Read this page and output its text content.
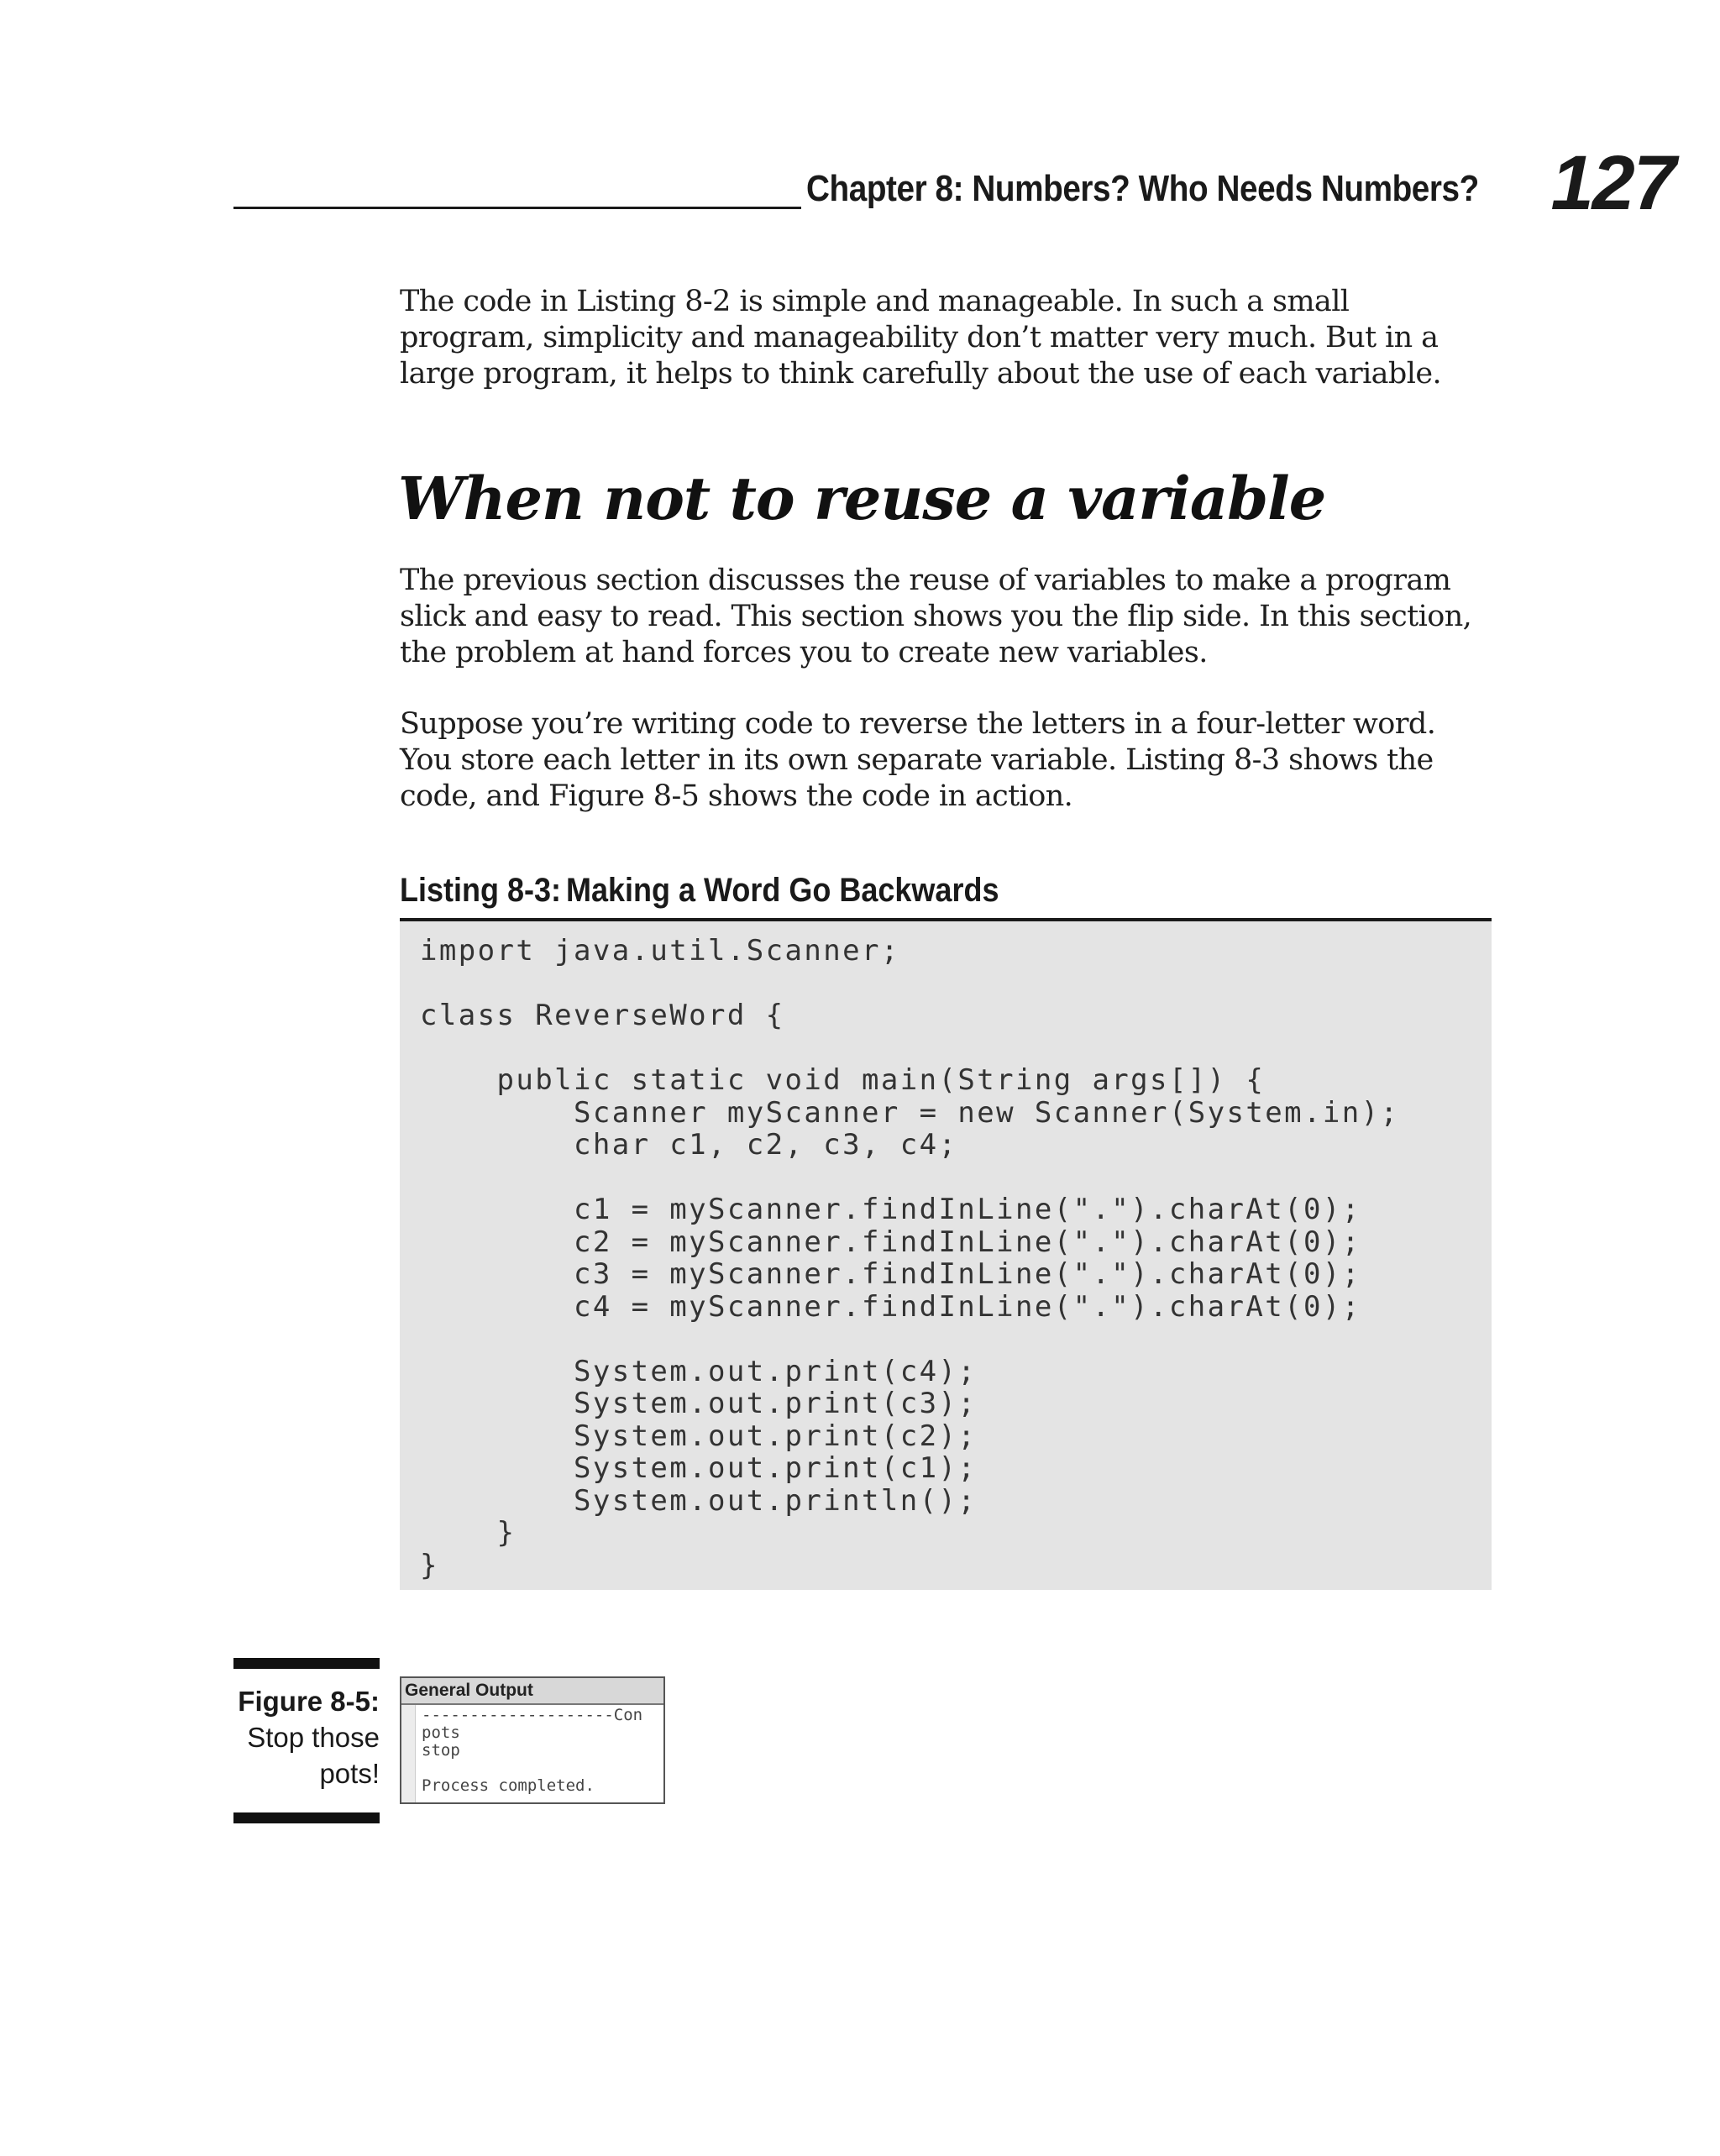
Chapter 8: Numbers? Who Needs Numbers? 127
The code in Listing 8-2 is simple and manageable. In such a small program, simplicity and manageability don’t matter very much. But in a large program, it helps to think carefully about the use of each variable.
When not to reuse a variable
The previous section discusses the reuse of variables to make a program slick and easy to read. This section shows you the flip side. In this section, the problem at hand forces you to create new variables.
Suppose you’re writing code to reverse the letters in a four-letter word. You store each letter in its own separate variable. Listing 8-3 shows the code, and Figure 8-5 shows the code in action.
Listing 8-3: Making a Word Go Backwards
import java.util.Scanner;

class ReverseWord {

public static void main(String args[]) {
Scanner myScanner = new Scanner(System.in);
char c1, c2, c3, c4;

c1 = myScanner.findInLine(".").charAt(0);
c2 = myScanner.findInLine(".").charAt(0);
c3 = myScanner.findInLine(".").charAt(0);
c4 = myScanner.findInLine(".").charAt(0);

System.out.print(c4);
System.out.print(c3);
System.out.print(c2);
System.out.print(c1);
System.out.println();
}
}
Figure 8-5:
Stop those
pots!
General Output
--------------------Con
pots
stop

Process completed.
